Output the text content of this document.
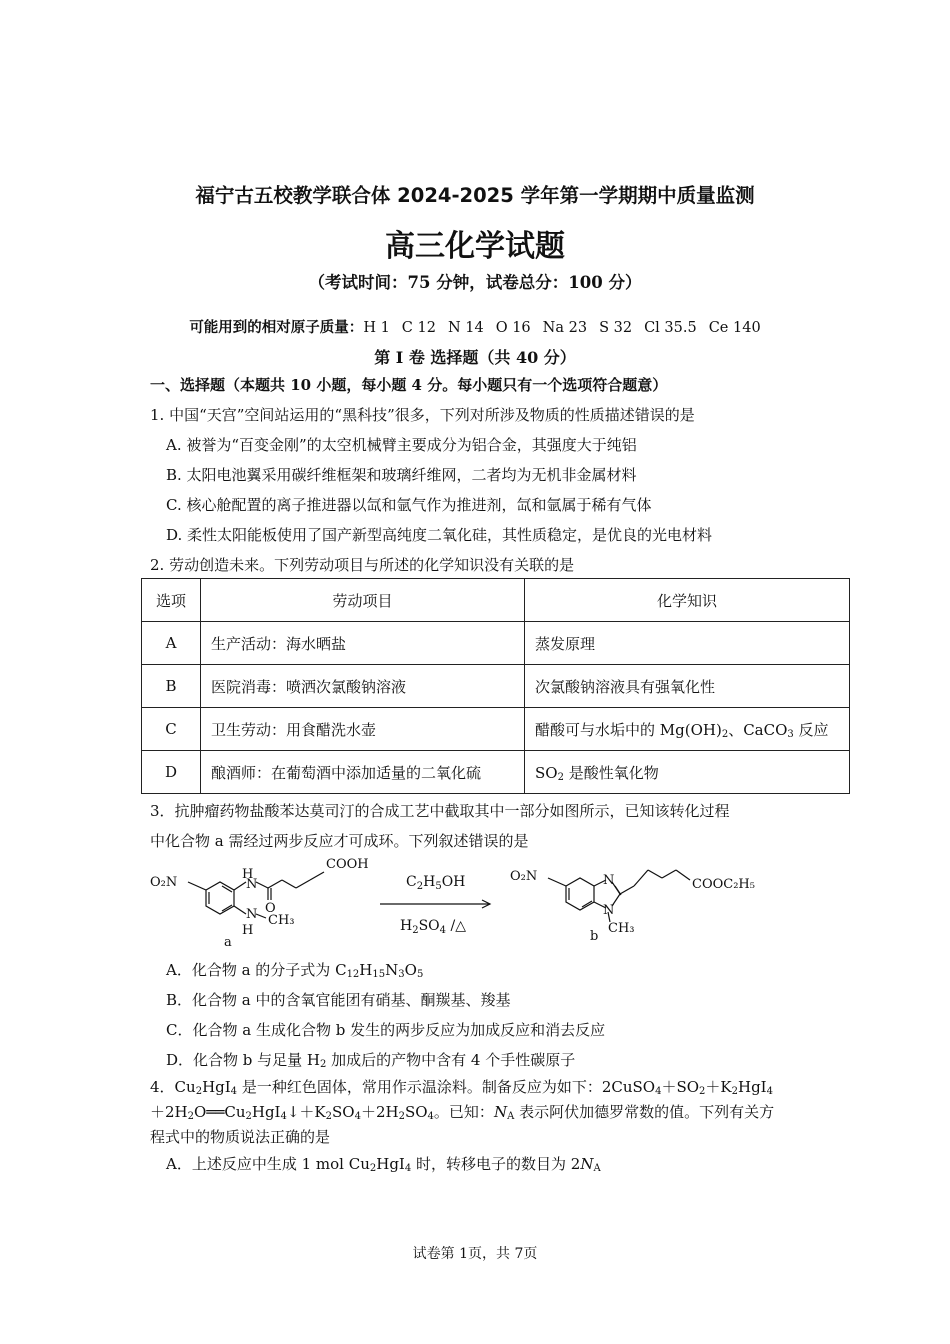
福宁古五校教学联合体 2024-2025 学年第一学期期中质量监测
高三化学试题
（考试时间：75 分钟，试卷总分：100 分）
可能用到的相对原子质量：H 1 C 12 N 14 O 16 Na 23 S 32 Cl 35.5 Ce 140
第 I 卷 选择题（共 40 分）
一、选择题（本题共 10 小题，每小题 4 分。每小题只有一个选项符合题意）
1. 中国“天宫”空间站运用的“黑科技”很多，下列对所涉及物质的性质描述错误的是
A. 被誉为“百变金刚”的太空机械臂主要成分为铝合金，其强度大于纯铝
B. 太阳电池翼采用碳纤维框架和玻璃纤维网，二者均为无机非金属材料
C. 核心舱配置的离子推进器以氙和氩气作为推进剂，氙和氩属于稀有气体
D. 柔性太阳能板使用了国产新型高纯度二氧化硅，其性质稳定，是优良的光电材料
2. 劳动创造未来。下列劳动项目与所述的化学知识没有关联的是
选项	劳动项目	化学知识
A	生产活动：海水晒盐	蒸发原理
B	医院消毒：喷洒次氯酸钠溶液	次氯酸钠溶液具有强氧化性
C	卫生劳动：用食醋洗水壶	醋酸可与水垢中的 $Mg(OH)_2$、CaCO$_3$ 反应
D	酿酒师：在葡萄酒中添加适量的二氧化硫	$SO_2$ 是酸性氧化物
3．抗肿瘤药物盐酸苯达莫司汀的合成工艺中截取其中一部分如图所示，已知该转化过程
中化合物 a 需经过两步反应才可成环。下列叙述错误的是
O₂N
H
N
O
COOH
N CH₃
H
a
$C_2H_5OH$
$H_2SO_4$ /△
O₂N	N
N
COOC₂H₅
CH₃
b
A．化合物 a 的分子式为 $C_{12}H_{15}N_3O_5$
B．化合物 a 中的含氧官能团有硝基、酮羰基、羧基
C．化合物 a 生成化合物 b 发生的两步反应为加成反应和消去反应
D．化合物 b 与足量 $H_2$ 加成后的产物中含有 4 个手性碳原子
4．$Cu_2HgI_4$ 是一种红色固体，常用作示温涂料。制备反应为如下：$2CuSO_4+SO_2+K_2HgI_4$
$+2H_2O══Cu_2HgI_4↓+K_2SO_4+2H_2SO_4$。已知：$N_A$ 表示阿伏加德罗常数的值。下列有关方
程式中的物质说法正确的是
A．上述反应中生成 1 mol $Cu_2HgI_4$ 时，转移电子的数目为 $2N_A$
试卷第 1页，共 7页
